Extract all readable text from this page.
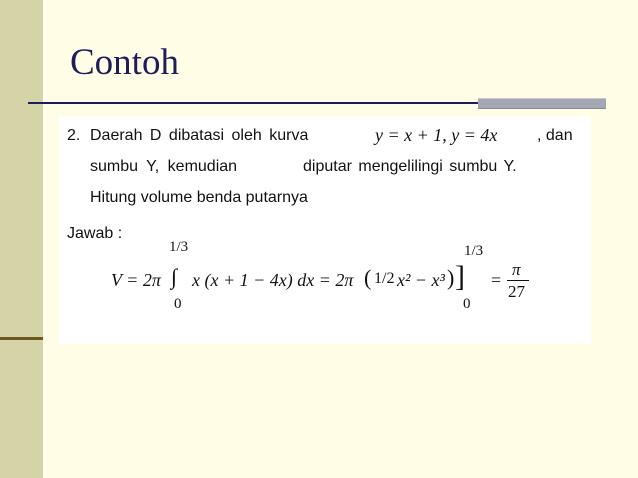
Contoh
2. Daerah D dibatasi oleh kurva	y = x + 1, y = 4x , dan
sumbu Y, kemudian	diputar mengelilingi sumbu Y.
Hitung volume benda putarnya
Jawab :
V = 2π
1/3
∫
0
x (x + 1 − 4x) dx = 2π ( 1/2 x² − x³ ) ]
1/3
0
=
π
27
